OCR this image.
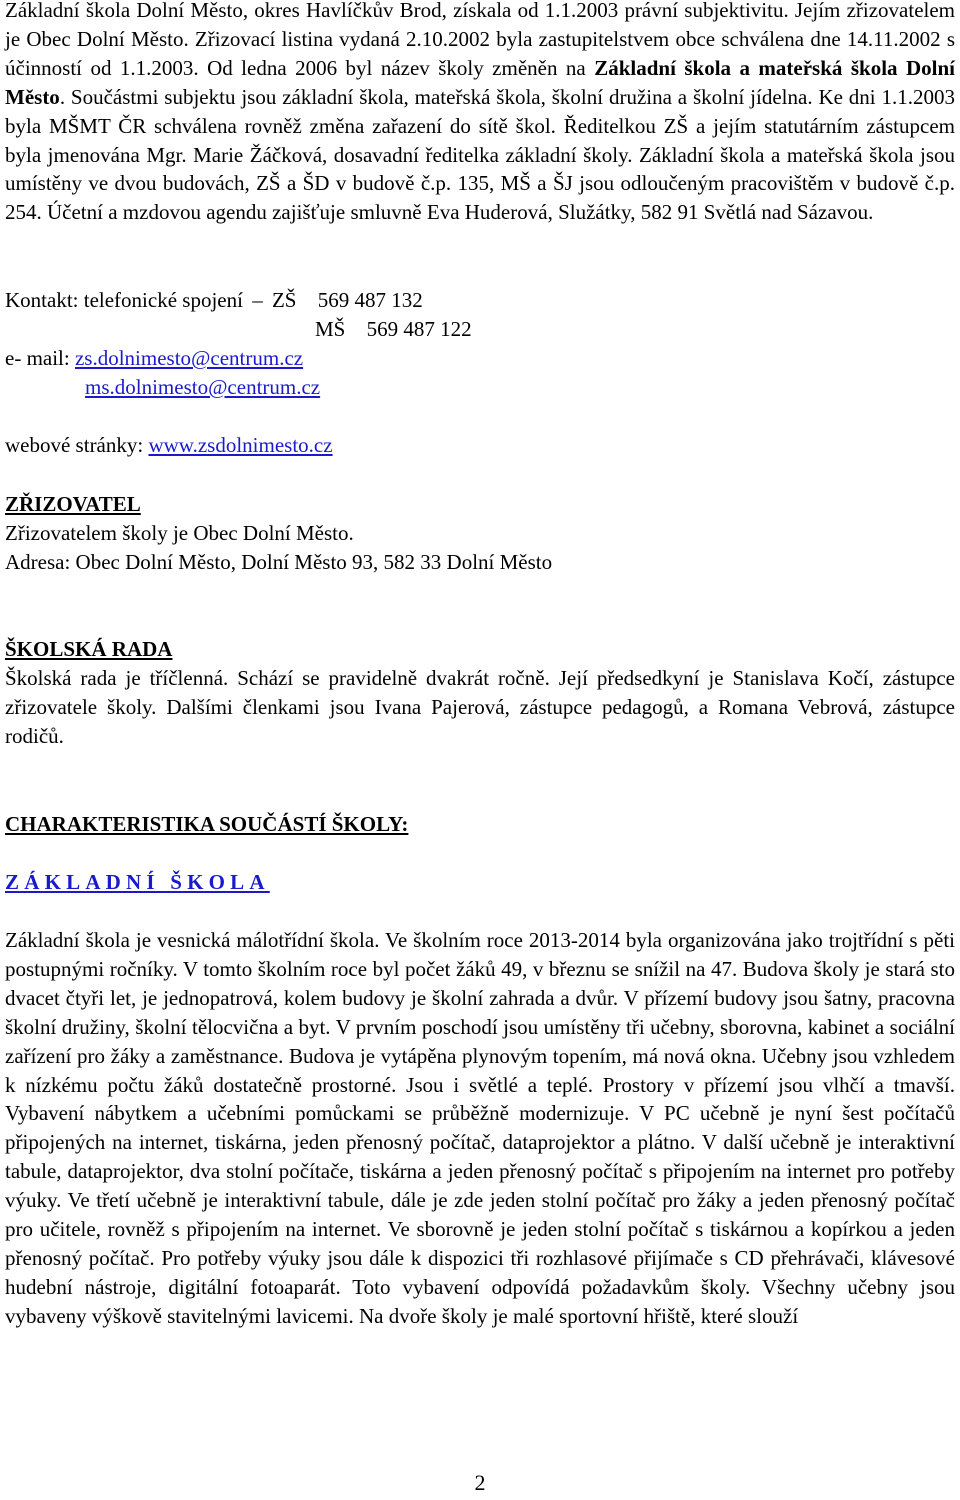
Základní škola Dolní Město, okres Havlíčkův Brod, získala od 1.1.2003 právní subjektivitu. Jejím zřizovatelem je Obec Dolní Město. Zřizovací listina vydaná 2.10.2002 byla zastupitelstvem obce schválena dne 14.11.2002 s účinností od 1.1.2003. Od ledna 2006 byl název školy změněn na Základní škola a mateřská škola Dolní Město. Součástmi subjektu jsou základní škola, mateřská škola, školní družina a školní jídelna. Ke dni 1.1.2003 byla MŠMT ČR schválena rovněž změna zařazení do sítě škol. Ředitelkou ZŠ a jejím statutárním zástupcem byla jmenována Mgr. Marie Žáčková, dosavadní ředitelka základní školy. Základní škola a mateřská škola jsou umístěny ve dvou budovách, ZŠ a ŠD v budově č.p. 135, MŠ a ŠJ jsou odloučeným pracovištěm v budově č.p. 254. Účetní a mzdovou agendu zajišťuje smluvně Eva Huderová, Služátky, 582 91 Světlá nad Sázavou.

Kontakt: telefonické spojení – ZŠ 569 487 132
MŠ 569 487 122
e- mail: zs.dolnimesto@centrum.cz
ms.dolnimesto@centrum.cz
webové stránky: www.zsdolnimesto.cz
ZŘIZOVATEL
Zřizovatelem školy je Obec Dolní Město.
Adresa: Obec Dolní Město, Dolní Město 93, 582 33 Dolní Město
ŠKOLSKÁ RADA

Školská rada je tříčlenná. Schází se pravidelně dvakrát ročně. Její předsedkyní je Stanislava Kočí, zástupce zřizovatele školy. Dalšími členkami jsou Ivana Pajerová, zástupce pedagogů, a Romana Vebrová, zástupce rodičů.

CHARAKTERISTIKA SOUČÁSTÍ ŠKOLY:
ZÁKLADNÍ ŠKOLA

Základní škola je vesnická málotřídní škola. Ve školním roce 2013-2014 byla organizována jako trojtřídní s pěti postupnými ročníky. V tomto školním roce byl počet žáků 49, v březnu se snížil na 47. Budova školy je stará sto dvacet čtyři let, je jednopatrová, kolem budovy je školní zahrada a dvůr. V přízemí budovy jsou šatny, pracovna školní družiny, školní tělocvična a byt. V prvním poschodí jsou umístěny tři učebny, sborovna, kabinet a sociální zařízení pro žáky a zaměstnance. Budova je vytápěna plynovým topením, má nová okna. Učebny jsou vzhledem k nízkému počtu žáků dostatečně prostorné. Jsou i světlé a teplé. Prostory v přízemí jsou vlhčí a tmavší. Vybavení nábytkem a učebními pomůckami se průběžně modernizuje. V PC učebně je nyní šest počítačů připojených na internet, tiskárna, jeden přenosný počítač, dataprojektor a plátno. V další učebně je interaktivní tabule, dataprojektor, dva stolní počítače, tiskárna a jeden přenosný počítač s připojením na internet pro potřeby výuky. Ve třetí učebně je interaktivní tabule, dále je zde jeden stolní počítač pro žáky a jeden přenosný počítač pro učitele, rovněž s připojením na internet. Ve sborovně je jeden stolní počítač s tiskárnou a kopírkou a jeden přenosný počítač. Pro potřeby výuky jsou dále k dispozici tři rozhlasové přijímače s CD přehrávači, klávesové hudební nástroje, digitální fotoaparát. Toto vybavení odpovídá požadavkům školy. Všechny učebny jsou vybaveny výškově stavitelnými lavicemi. Na dvoře školy je malé sportovní hřiště, které slouží

2
